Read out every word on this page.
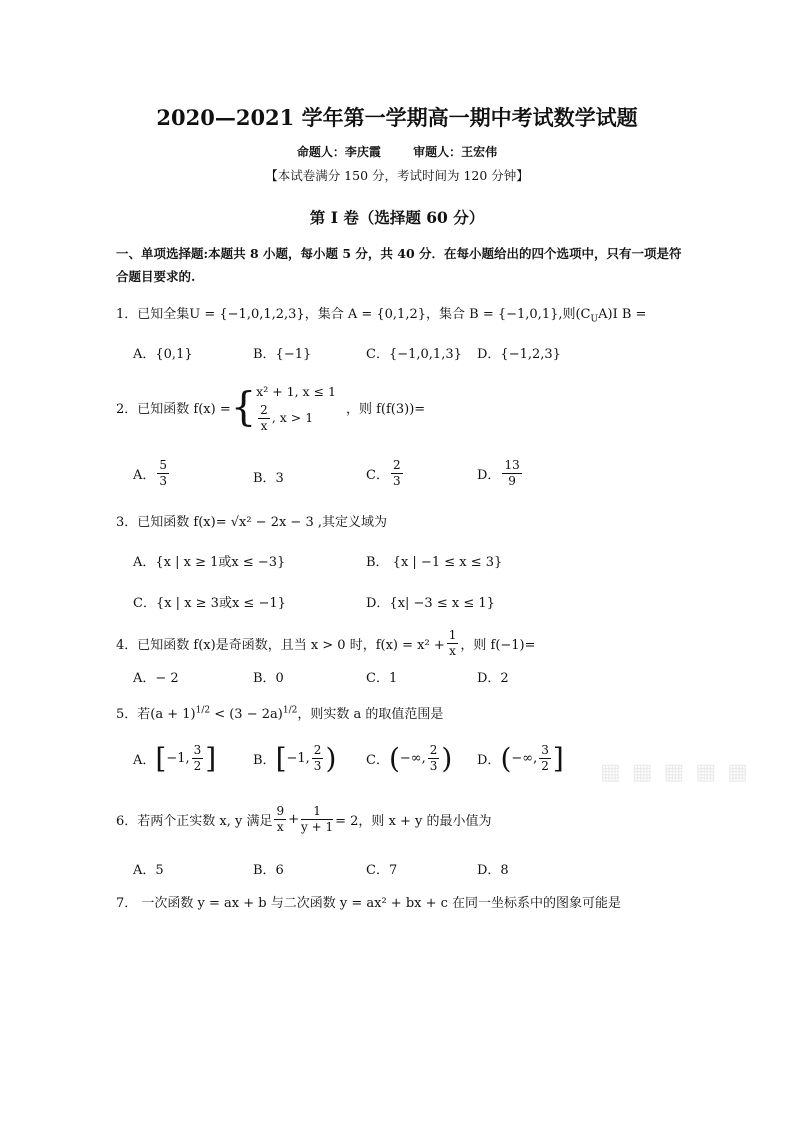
2020—2021 学年第一学期高一期中考试数学试题
命题人：李庆霞	审题人：王宏伟
【本试卷满分 150 分，考试时间为 120 分钟】
第 I 卷（选择题 60 分）
一、单项选择题:本题共 8 小题，每小题 5 分，共 40 分．在每小题给出的四个选项中，只有一项是符合题目要求的.
1．已知全集U = {−1,0,1,2,3}，集合 A = {0,1,2}，集合 B = {−1,0,1},则$(C_UA)I$ B =
A．{0,1}	B．{−1}	C．{−1,0,1,3} D．{−1,2,3}
2．已知函数 f(x) ={ x² + 1, x ≤ 1
$\frac{2}{x}$ , x > 1
，则 f(f(3))=
A． $\frac{5}{3}$	B．3	C． $\frac{2}{3}$	D． $\frac{13}{9}$
3．已知函数 f(x)= √x² − 2x − 3 ,其定义域为
A．{x | x ≥ 1或x ≤ −3}	B． {x | −1 ≤ x ≤ 3}
C．{x | x ≥ 3或x ≤ −1}	D．{x| −3 ≤ x ≤ 1}
4．已知函数 f(x)是奇函数，且当 x > 0 时，$f(x) = x^2 + \frac{1}{x}$ ，则 f(−1)=
A．− 2	B．0	C．1	D．2
5．若$(a + 1)^{1/2} < (3 - 2a)^{1/2}$，则实数 a 的取值范围是
A．[−1, $\frac{3}{2}$ ]	B．[−1, $\frac{2}{3}$ ) C．(−∞, $\frac{2}{3}$ ) D．(−∞, $\frac{3}{2}$ ] ▦ ▦ ▦ ▦ ▦
6．若两个正实数 x, y 满足 $\frac{9}{x} + \frac{1}{y + 1} = 2$，则 x + y 的最小值为
A．5	B．6	C．7	D．8
7． 一次函数 y = ax + b 与二次函数 y = ax² + bx + c 在同一坐标系中的图象可能是
